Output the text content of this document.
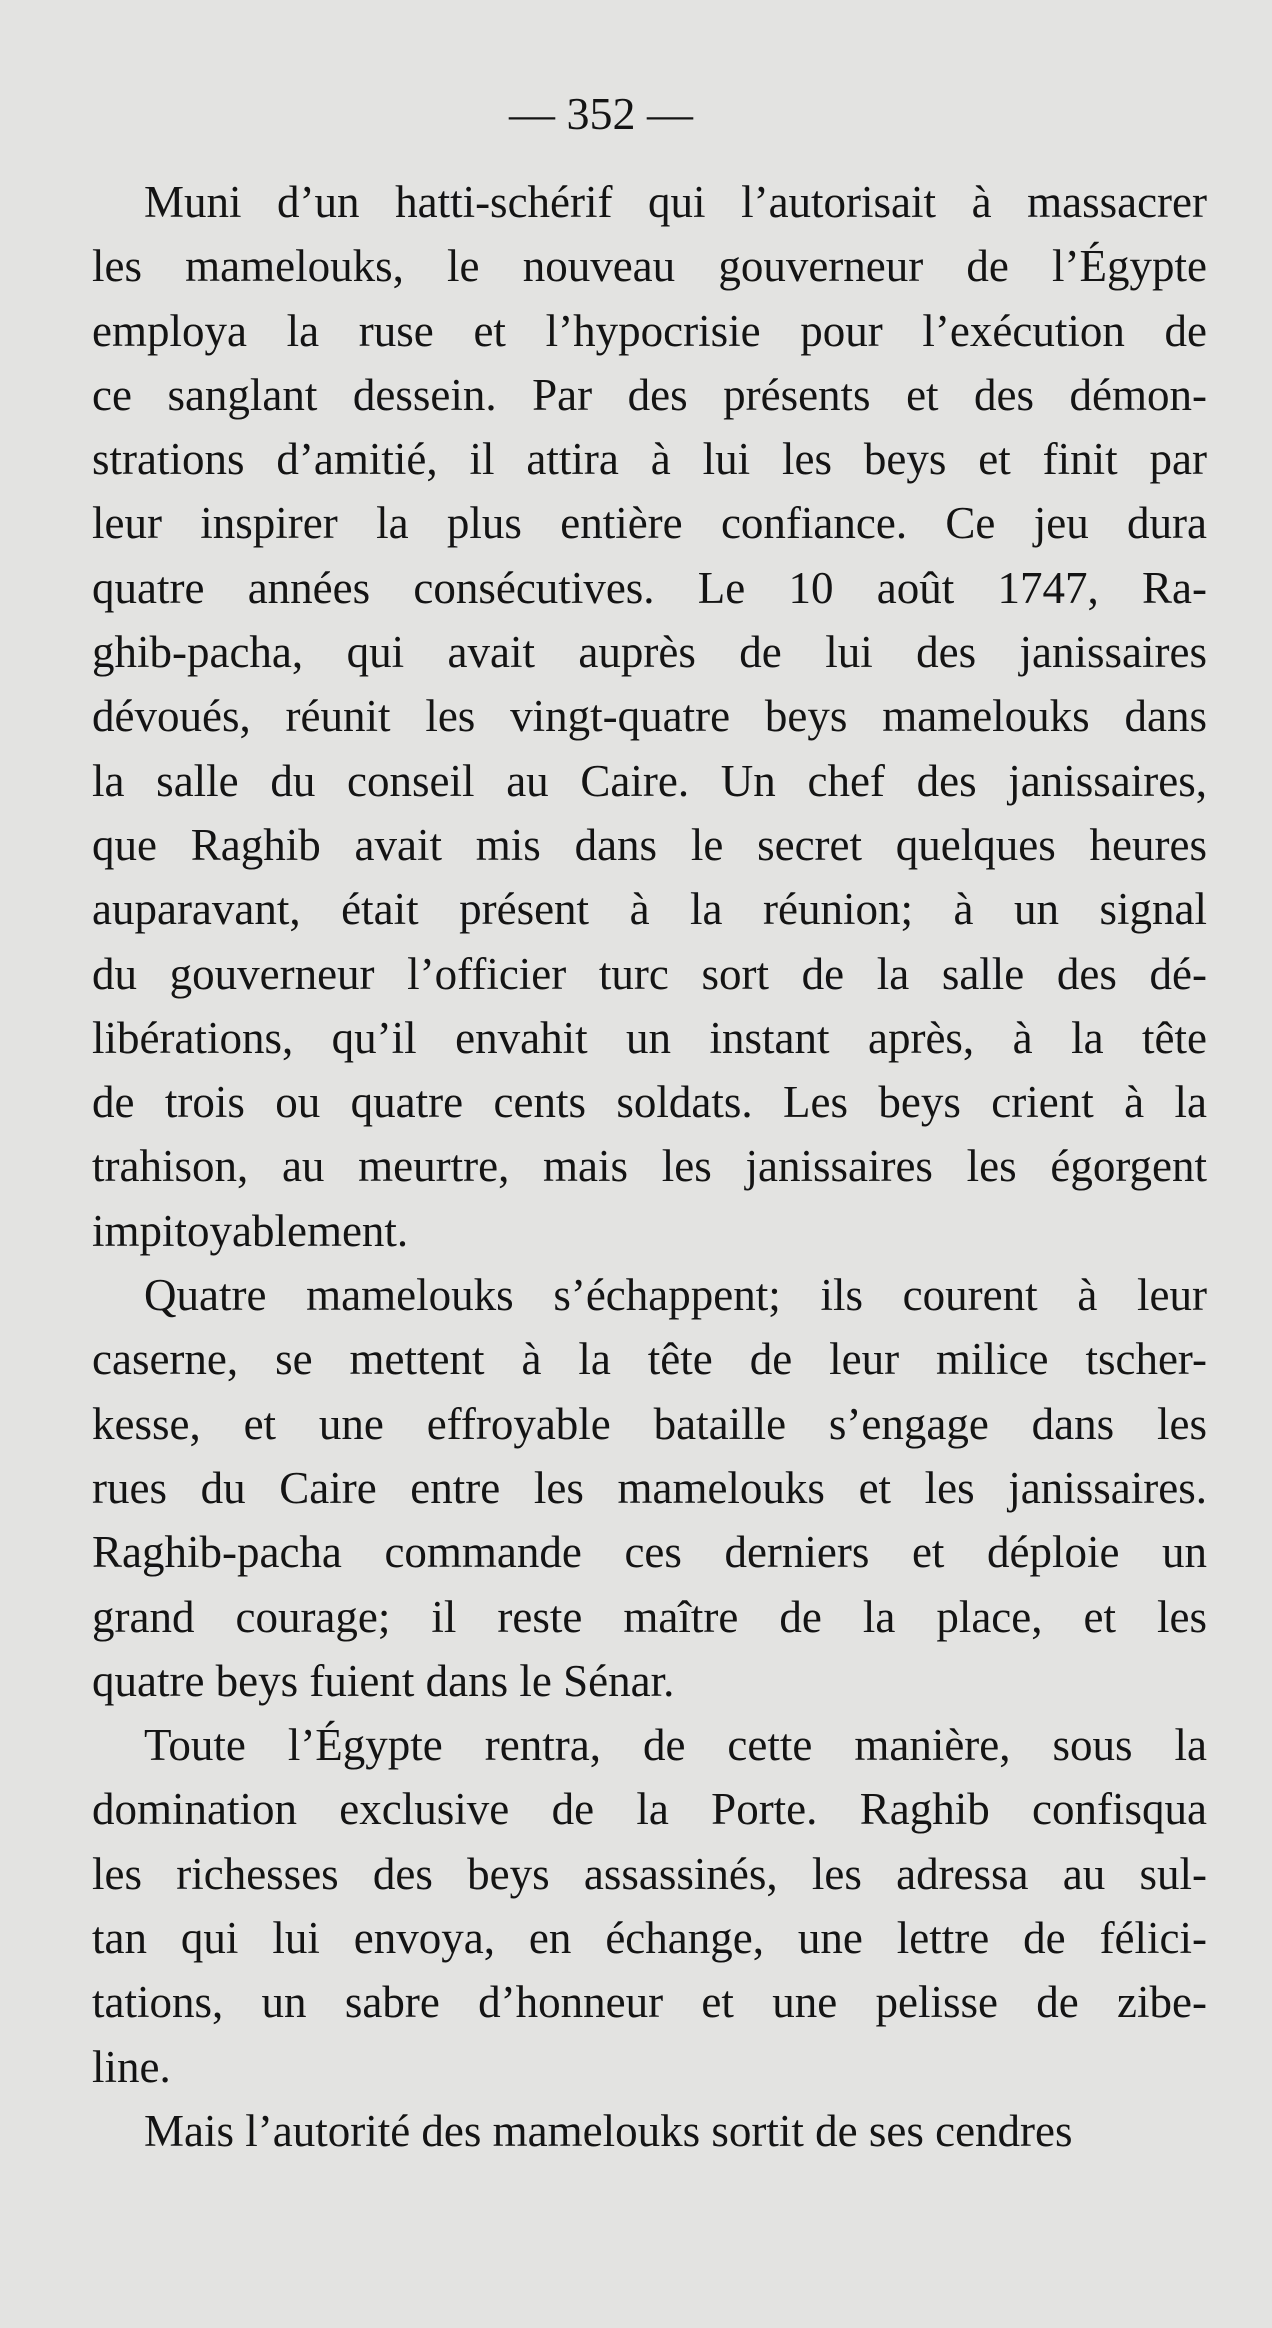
— 352 —
Muni d’un hatti-schérif qui l’autorisait à massacrer
les mamelouks, le nouveau gouverneur de l’Égypte
employa la ruse et l’hypocrisie pour l’exécution de
ce sanglant dessein. Par des présents et des démon-
strations d’amitié, il attira à lui les beys et finit par
leur inspirer la plus entière confiance. Ce jeu dura
quatre années consécutives. Le 10 août 1747, Ra-
ghib-pacha, qui avait auprès de lui des janissaires
dévoués, réunit les vingt-quatre beys mamelouks dans
la salle du conseil au Caire. Un chef des janissaires,
que Raghib avait mis dans le secret quelques heures
auparavant, était présent à la réunion; à un signal
du gouverneur l’officier turc sort de la salle des dé-
libérations, qu’il envahit un instant après, à la tête
de trois ou quatre cents soldats. Les beys crient à la
trahison, au meurtre, mais les janissaires les égorgent
impitoyablement.
Quatre mamelouks s’échappent; ils courent à leur
caserne, se mettent à la tête de leur milice tscher-
kesse, et une effroyable bataille s’engage dans les
rues du Caire entre les mamelouks et les janissaires.
Raghib-pacha commande ces derniers et déploie un
grand courage; il reste maître de la place, et les
quatre beys fuient dans le Sénar.
Toute l’Égypte rentra, de cette manière, sous la
domination exclusive de la Porte. Raghib confisqua
les richesses des beys assassinés, les adressa au sul-
tan qui lui envoya, en échange, une lettre de félici-
tations, un sabre d’honneur et une pelisse de zibe-
line.
Mais l’autorité des mamelouks sortit de ses cendres
